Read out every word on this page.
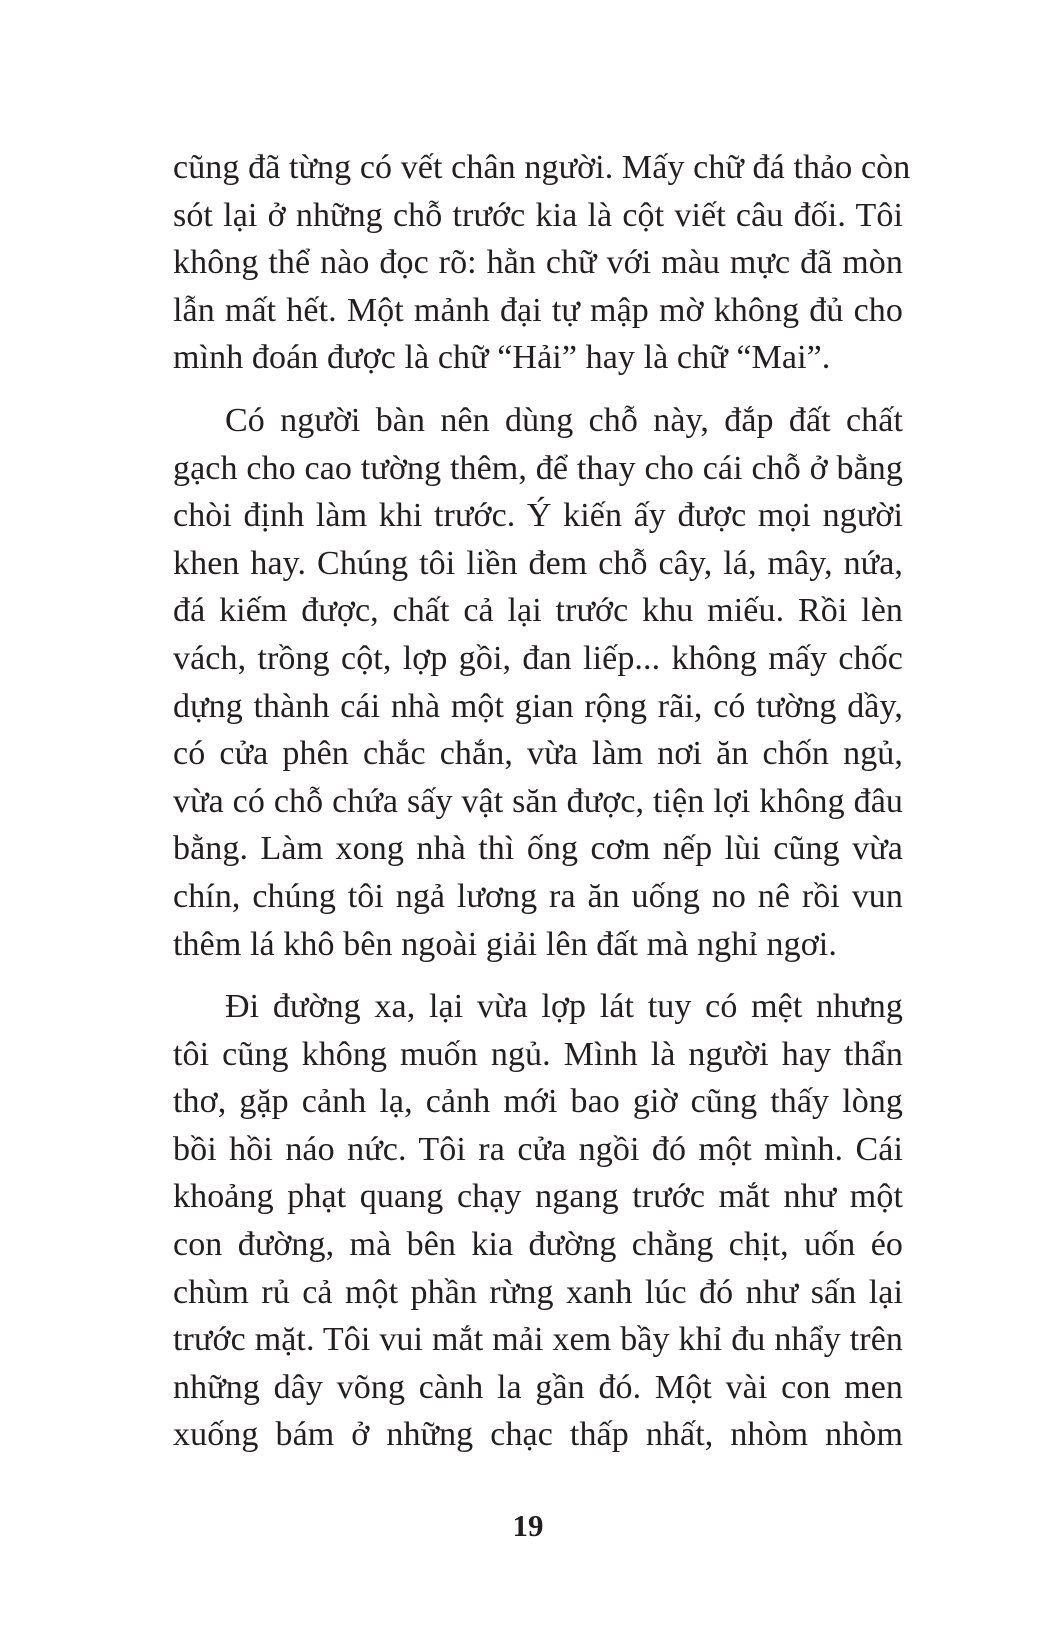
cũng đã từng có vết chân người. Mấy chữ đá thảo còn
sót lại ở những chỗ trước kia là cột viết câu đối. Tôi
không thể nào đọc rõ: hằn chữ với màu mực đã mòn
lẫn mất hết. Một mảnh đại tự mập mờ không đủ cho
mình đoán được là chữ “Hải” hay là chữ “Mai”.
Có người bàn nên dùng chỗ này, đắp đất chất
gạch cho cao tường thêm, để thay cho cái chỗ ở bằng
chòi định làm khi trước. Ý kiến ấy được mọi người
khen hay. Chúng tôi liền đem chỗ cây, lá, mây, nứa,
đá kiếm được, chất cả lại trước khu miếu. Rồi lèn
vách, trồng cột, lợp gồi, đan liếp... không mấy chốc
dựng thành cái nhà một gian rộng rãi, có tường dầy,
có cửa phên chắc chắn, vừa làm nơi ăn chốn ngủ,
vừa có chỗ chứa sấy vật săn được, tiện lợi không đâu
bằng. Làm xong nhà thì ống cơm nếp lùi cũng vừa
chín, chúng tôi ngả lương ra ăn uống no nê rồi vun
thêm lá khô bên ngoài giải lên đất mà nghỉ ngơi.
Đi đường xa, lại vừa lợp lát tuy có mệt nhưng
tôi cũng không muốn ngủ. Mình là người hay thẩn
thơ, gặp cảnh lạ, cảnh mới bao giờ cũng thấy lòng
bồi hồi náo nức. Tôi ra cửa ngồi đó một mình. Cái
khoảng phạt quang chạy ngang trước mắt như một
con đường, mà bên kia đường chằng chịt, uốn éo
chùm rủ cả một phần rừng xanh lúc đó như sấn lại
trước mặt. Tôi vui mắt mải xem bầy khỉ đu nhẩy trên
những dây võng cành la gần đó. Một vài con men
xuống bám ở những chạc thấp nhất, nhòm nhòm
19
